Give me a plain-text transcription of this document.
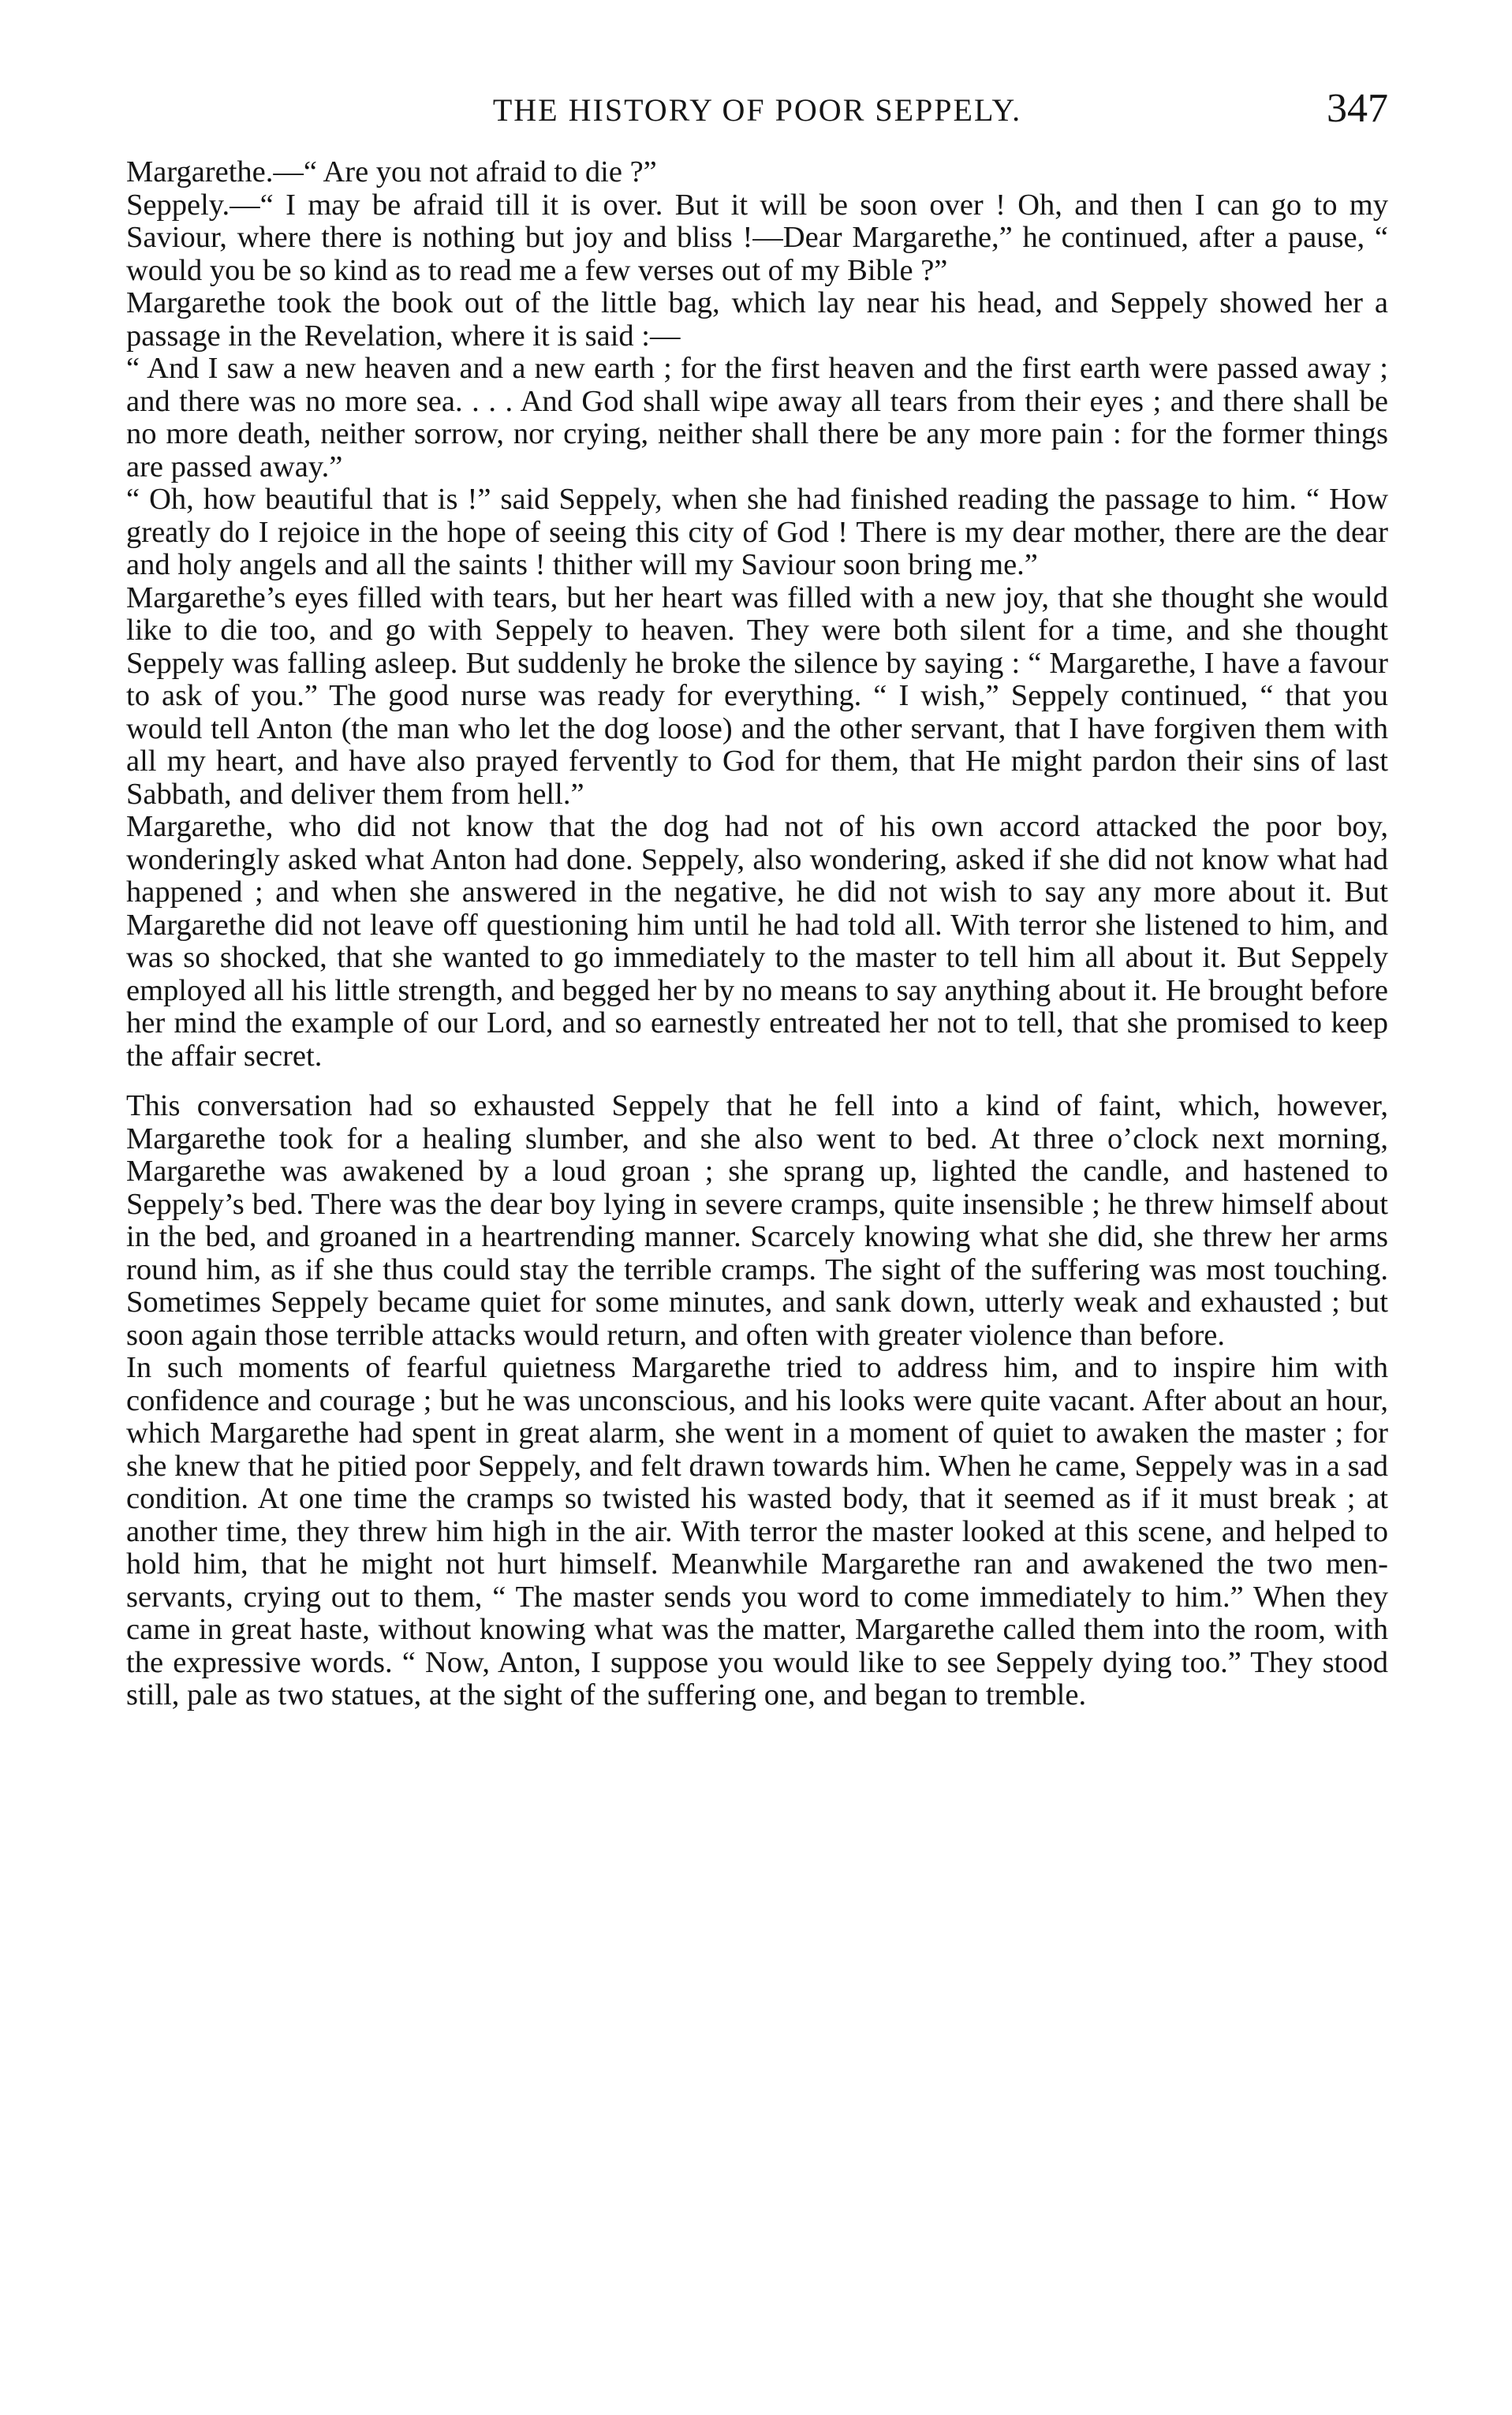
THE HISTORY OF POOR SEPPELY.	347

Margarethe.—“ Are you not afraid to die ?”

Seppely.—“ I may be afraid till it is over. But it will be soon over ! Oh, and then I can go to my Saviour, where there is nothing but joy and bliss !—Dear Margarethe,” he continued, after a pause, “ would you be so kind as to read me a few verses out of my Bible ?”

Margarethe took the book out of the little bag, which lay near his head, and Seppely showed her a passage in the Revelation, where it is said :—

“ And I saw a new heaven and a new earth ; for the first heaven and the first earth were passed away ; and there was no more sea. . . . And God shall wipe away all tears from their eyes ; and there shall be no more death, neither sorrow, nor crying, neither shall there be any more pain : for the former things are passed away.”

“ Oh, how beautiful that is !” said Seppely, when she had finished reading the passage to him. “ How greatly do I rejoice in the hope of seeing this city of God ! There is my dear mother, there are the dear and holy angels and all the saints ! thither will my Saviour soon bring me.”

Margarethe’s eyes filled with tears, but her heart was filled with a new joy, that she thought she would like to die too, and go with Seppely to heaven. They were both silent for a time, and she thought Seppely was falling asleep. But suddenly he broke the silence by saying : “ Margarethe, I have a favour to ask of you.” The good nurse was ready for everything. “ I wish,” Seppely continued, “ that you would tell Anton (the man who let the dog loose) and the other servant, that I have forgiven them with all my heart, and have also prayed fervently to God for them, that He might pardon their sins of last Sabbath, and deliver them from hell.”

Margarethe, who did not know that the dog had not of his own accord attacked the poor boy, wonderingly asked what Anton had done. Seppely, also wondering, asked if she did not know what had happened ; and when she answered in the negative, he did not wish to say any more about it. But Margarethe did not leave off questioning him until he had told all. With terror she listened to him, and was so shocked, that she wanted to go immediately to the master to tell him all about it. But Seppely employed all his little strength, and begged her by no means to say anything about it. He brought before her mind the example of our Lord, and so earnestly entreated her not to tell, that she promised to keep the affair secret.

This conversation had so exhausted Seppely that he fell into a kind of faint, which, however, Margarethe took for a healing slumber, and she also went to bed. At three o’clock next morning, Margarethe was awakened by a loud groan ; she sprang up, lighted the candle, and hastened to Seppely’s bed. There was the dear boy lying in severe cramps, quite insensible ; he threw himself about in the bed, and groaned in a heartrending manner. Scarcely knowing what she did, she threw her arms round him, as if she thus could stay the terrible cramps. The sight of the suffering was most touching. Sometimes Seppely became quiet for some minutes, and sank down, utterly weak and exhausted ; but soon again those terrible attacks would return, and often with greater violence than before.

In such moments of fearful quietness Margarethe tried to address him, and to inspire him with confidence and courage ; but he was unconscious, and his looks were quite vacant. After about an hour, which Margarethe had spent in great alarm, she went in a moment of quiet to awaken the master ; for she knew that he pitied poor Seppely, and felt drawn towards him. When he came, Seppely was in a sad condition. At one time the cramps so twisted his wasted body, that it seemed as if it must break ; at another time, they threw him high in the air. With terror the master looked at this scene, and helped to hold him, that he might not hurt himself. Meanwhile Margarethe ran and awakened the two men-servants, crying out to them, “ The master sends you word to come immediately to him.” When they came in great haste, without knowing what was the matter, Margarethe called them into the room, with the expressive words. “ Now, Anton, I suppose you would like to see Seppely dying too.” They stood still, pale as two statues, at the sight of the suffering one, and began to tremble.
